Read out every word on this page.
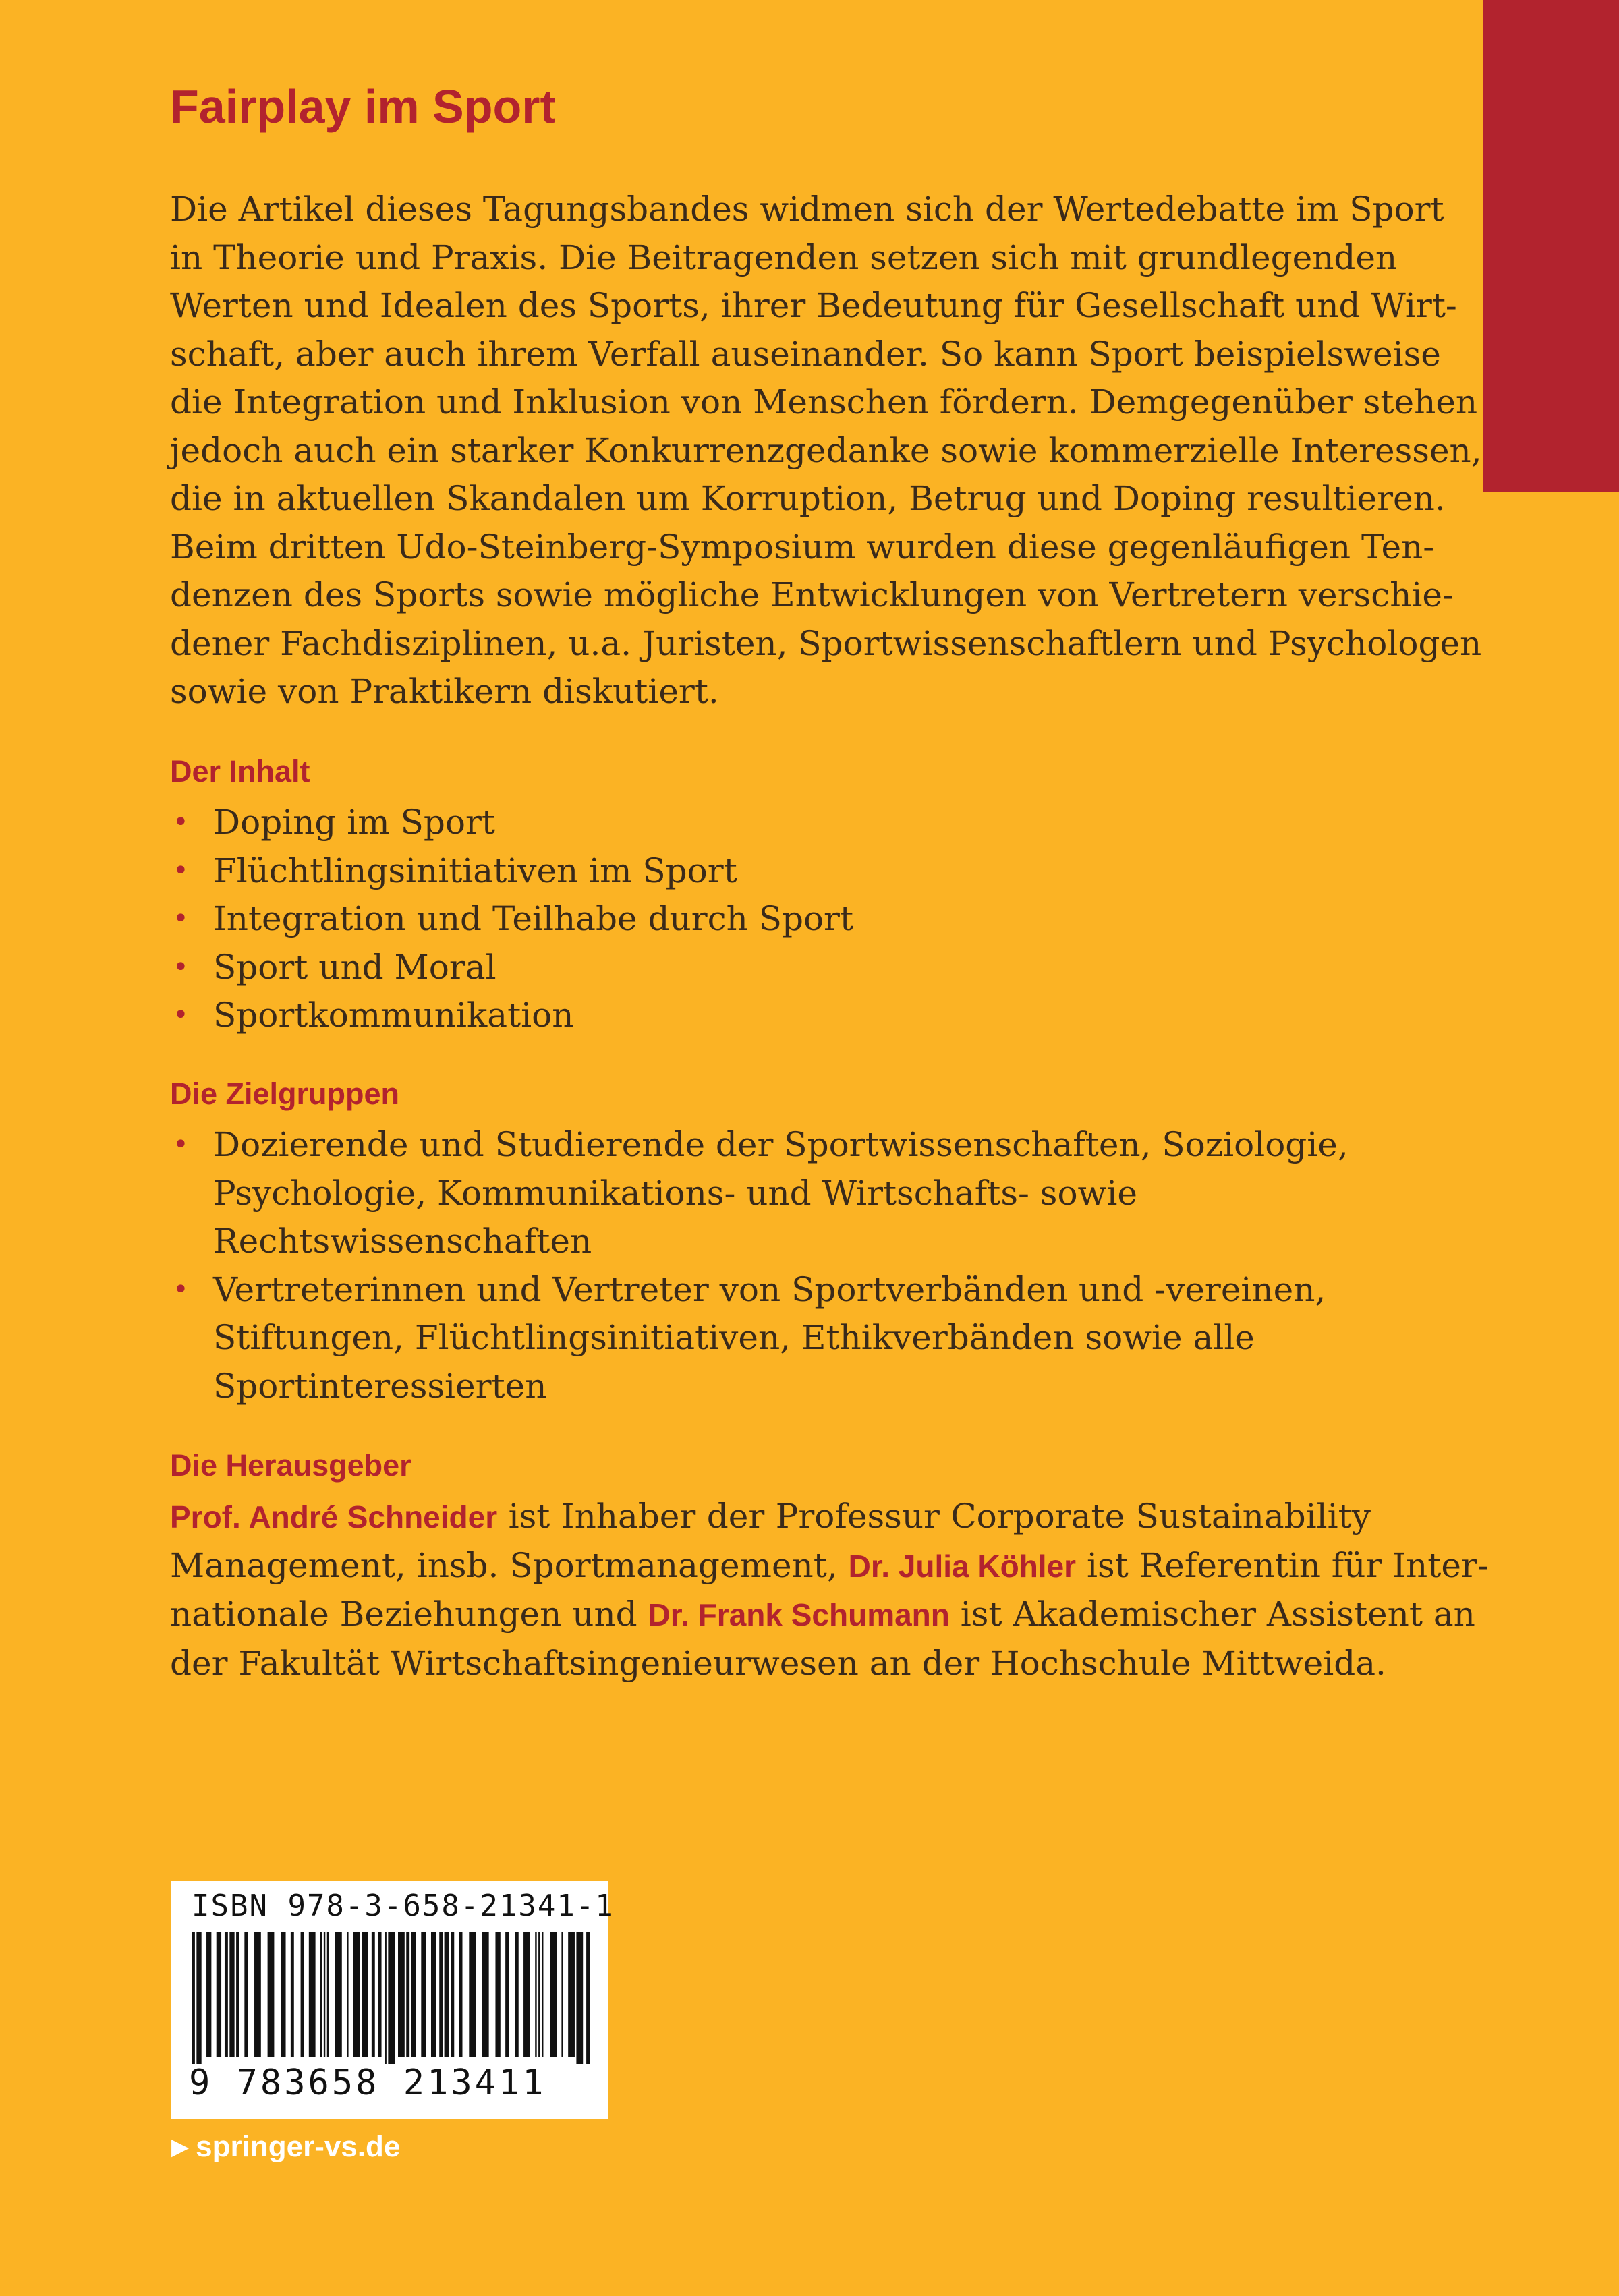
Fairplay im Sport
Die Artikel dieses Tagungsbandes widmen sich der Wertedebatte im Sport
in Theorie und Praxis. Die Beitragenden setzen sich mit grundlegenden
Werten und Idealen des Sports, ihrer Bedeutung für Gesellschaft und Wirt-
schaft, aber auch ihrem Verfall auseinander. So kann Sport beispielsweise
die Integration und Inklusion von Menschen fördern. Demgegenüber stehen
jedoch auch ein starker Konkurrenzgedanke sowie kommerzielle Interessen,
die in aktuellen Skandalen um Korruption, Betrug und Doping resultieren.
Beim dritten Udo-Steinberg-Symposium wurden diese gegenläufigen Ten-
denzen des Sports sowie mögliche Entwicklungen von Vertretern verschie-
dener Fachdisziplinen, u.a. Juristen, Sportwissenschaftlern und Psychologen
sowie von Praktikern diskutiert.
Der Inhalt
• Doping im Sport
• Flüchtlingsinitiativen im Sport
• Integration und Teilhabe durch Sport
• Sport und Moral
• Sportkommunikation
Die Zielgruppen
• Dozierende und Studierende der Sportwissenschaften, Soziologie,
Psychologie, Kommunikations- und Wirtschafts- sowie
Rechtswissenschaften
• Vertreterinnen und Vertreter von Sportverbänden und -vereinen,
Stiftungen, Flüchtlingsinitiativen, Ethikverbänden sowie alle
Sportinteressierten
Die Herausgeber
Prof. André Schneider ist Inhaber der Professur Corporate Sustainability
Management, insb. Sportmanagement, Dr. Julia Köhler ist Referentin für Inter-
nationale Beziehungen und Dr. Frank Schumann ist Akademischer Assistent an
der Fakultät Wirtschaftsingenieurwesen an der Hochschule Mittweida.
ISBN 978-3-658-21341-1
9 783658 213411
▶ springer-vs.de
